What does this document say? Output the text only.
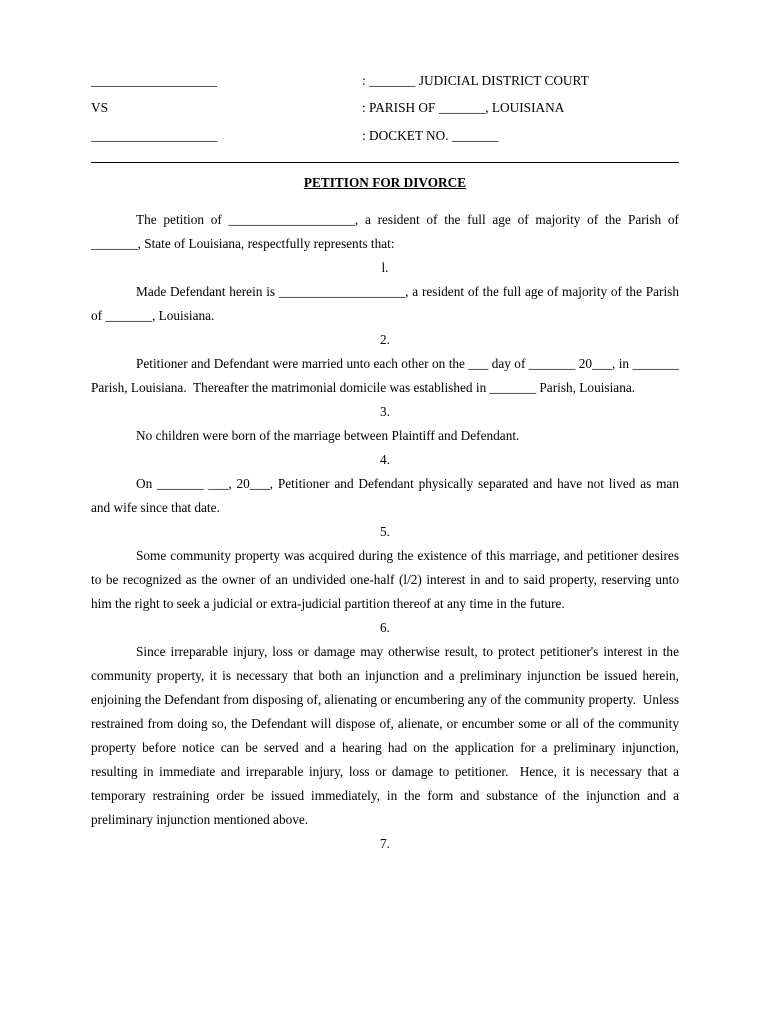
___________________	: _______ JUDICIAL DISTRICT COURT
VS	: PARISH OF _______, LOUISIANA
___________________	: DOCKET NO. _______
PETITION FOR DIVORCE

The petition of ___________________, a resident of the full age of majority of the Parish of _______, State of Louisiana, respectfully represents that:

l.

Made Defendant herein is ___________________, a resident of the full age of majority of the Parish of _______, Louisiana.

2.

Petitioner and Defendant were married unto each other on the ___ day of _______ 20___, in _______ Parish, Louisiana.  Thereafter the matrimonial domicile was established in _______ Parish, Louisiana.

3.

No children were born of the marriage between Plaintiff and Defendant.

4.

On _______ ___, 20___, Petitioner and Defendant physically separated and have not lived as man and wife since that date.

5.

Some community property was acquired during the existence of this marriage, and petitioner desires to be recognized as the owner of an undivided one-half (l/2) interest in and to said property, reserving unto him the right to seek a judicial or extra-judicial partition thereof at any time in the future.

6.

Since irreparable injury, loss or damage may otherwise result, to protect petitioner's interest in the community property, it is necessary that both an injunction and a preliminary injunction be issued herein, enjoining the Defendant from disposing of, alienating or encumbering any of the community property.  Unless restrained from doing so, the Defendant will dispose of, alienate, or encumber some or all of the community property before notice can be served and a hearing had on the application for a preliminary injunction, resulting in immediate and irreparable injury, loss or damage to petitioner.  Hence, it is necessary that a temporary restraining order be issued immediately, in the form and substance of the injunction and a preliminary injunction mentioned above.

7.
